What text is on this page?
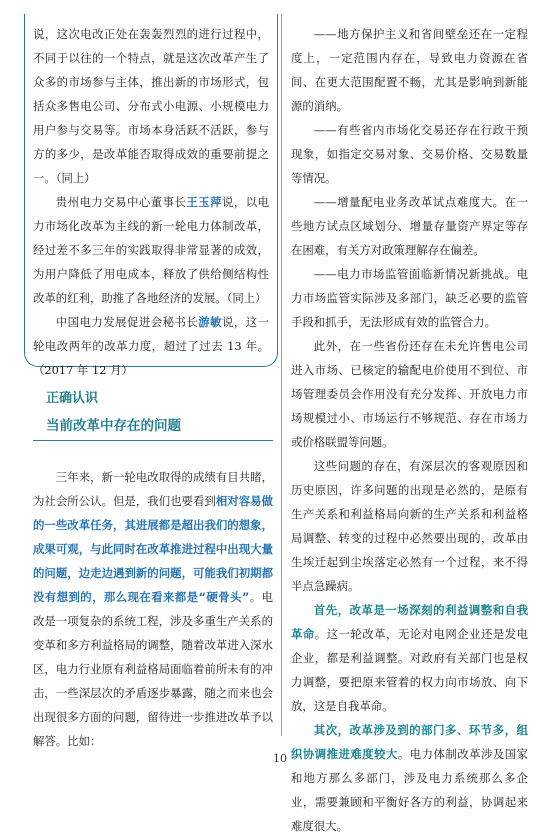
说，这次电改正处在轰轰烈烈的进行过程中，不同于以往的一个特点，就是这次改革产生了众多的市场参与主体，推出新的市场形式，包括众多售电公司、分布式小电源、小规模电力用户参与交易等。市场本身活跃不活跃，参与方的多少，是改革能否取得成效的重要前提之一。（同上）

贵州电力交易中心董事长王玉萍说，以电力市场化改革为主线的新一轮电力体制改革，经过差不多三年的实践取得非常显著的成效，为用户降低了用电成本，释放了供给侧结构性改革的红利，助推了各地经济的发展。（同上）

中国电力发展促进会秘书长游敏说，这一轮电改两年的改革力度，超过了过去 13 年。（2017 年 12 月）

正确认识
当前改革中存在的问题

三年来，新一轮电改取得的成绩有目共睹，为社会所公认。但是，我们也要看到相对容易做的一些改革任务，其进展都是超出我们的想象，成果可观，与此同时在改革推进过程中出现大量的问题，边走边遇到新的问题，可能我们初期都没有想到的，那么现在看来都是“硬骨头”。电改是一项复杂的系统工程，涉及多重生产关系的变革和多方利益格局的调整，随着改革进入深水区，电力行业原有利益格局面临着前所未有的冲击，一些深层次的矛盾逐步暴露，随之而来也会出现很多方面的问题，留待进一步推进改革予以解答。比如：

——地方保护主义和省间壁垒还在一定程度上，一定范围内存在，导致电力资源在省间、在更大范围配置不畅，尤其是影响到新能源的消纳。

——有些省内市场化交易还存在行政干预现象，如指定交易对象、交易价格、交易数量等情况。

——增量配电业务改革试点难度大。在一些地方试点区域划分、增量存量资产界定等存在困难，有关方对政策理解存在偏差。

——电力市场监管面临新情况新挑战。电力市场监管实际涉及多部门，缺乏必要的监管手段和抓手，无法形成有效的监管合力。

此外，在一些省份还存在未允许售电公司进入市场、已核定的输配电价使用不到位、市场管理委员会作用没有充分发挥、开放电力市场规模过小、市场运行不够规范、存在市场力或价格联盟等问题。

这些问题的存在，有深层次的客观原因和历史原因，许多问题的出现是必然的，是原有生产关系和利益格局向新的生产关系和利益格局调整、转变的过程中必然要出现的，改革由生埃迁起到尘埃落定必然有一个过程，来不得半点急躁病。

首先，改革是一场深刻的利益调整和自我革命。这一轮改革，无论对电网企业还是发电企业，都是利益调整。对政府有关部门也是权力调整，要把原来管着的权力向市场放、向下放，这是自我革命。

其次，改革涉及到的部门多、环节多，组织协调推进难度较大。电力体制改革涉及国家和地方那么多部门，涉及电力系统那么多企业，需要兼顾和平衡好各方的利益，协调起来难度很大。

10
